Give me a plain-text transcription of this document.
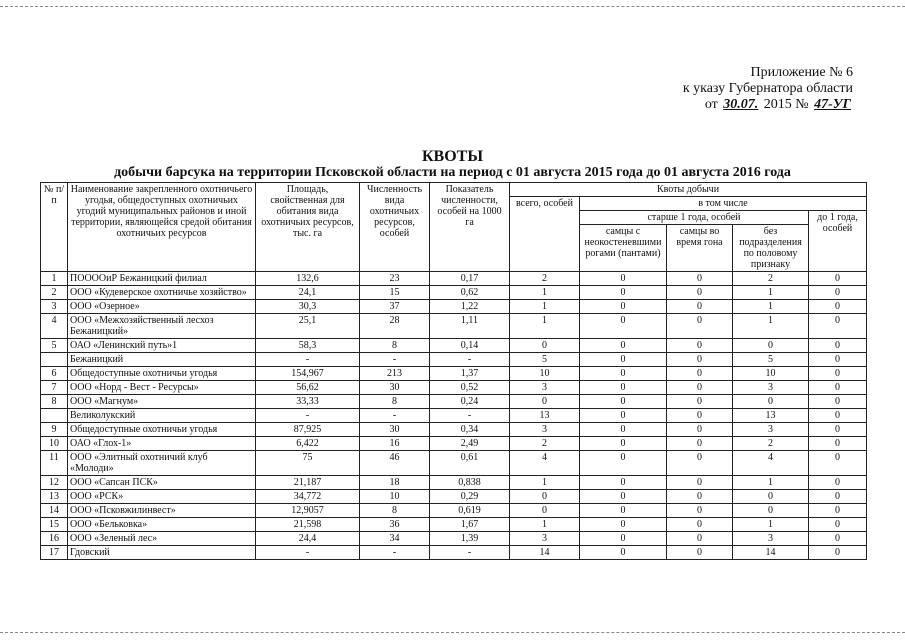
Приложение № 6
к указу Губернатора области
от 30.07. 2015 № 47-УГ
КВОТЫ
добычи барсука на территории Псковской области на период с 01 августа 2015 года до 01 августа 2016 года
№ п/п	Наименование закрепленного охотничьего угодья, общедоступных охотничьих угодий муниципальных районов и иной территории, являющейся средой обитания охотничьих ресурсов	Площадь, свойственная для обитания вида охотничьих ресурсов, тыс. га	Численность вида охотничьих ресурсов, особей	Показатель численности, особей на 1000 га	Квоты добычи				
					всего, особей	в том числе			
						старше 1 года, особей			до 1 года, особей
						самцы с неокостеневшими рогами (пантами)	самцы во время гона	без подразделения по половому признаку	
1	ПОООOиР Бежаницкий филиал	132,6	23	0,17	2	0	0	2	0
2	ООО «Кудеверское охотничье хозяйство»	24,1	15	0,62	1	0	0	1	0
3	ООО «Озерное»	30,3	37	1,22	1	0	0	1	0
4	ООО «Межхозяйственный лесхоз Бежаницкий»	25,1	28	1,11	1	0	0	1	0
5	ОАО «Ленинский путь»1	58,3	8	0,14	0	0	0	0	0
	Бежаницкий	-	-	-	5	0	0	5	0
6	Общедоступные охотничьи угодья	154,967	213	1,37	10	0	0	10	0
7	ООО «Норд - Вест - Ресурсы»	56,62	30	0,52	3	0	0	3	0
8	ООО «Магнум»	33,33	8	0,24	0	0	0	0	0
	Великолукский	-	-	-	13	0	0	13	0
9	Общедоступные охотничьи угодья	87,925	30	0,34	3	0	0	3	0
10	ОАО «Глох-1»	6,422	16	2,49	2	0	0	2	0
11	ООО «Элитный охотничий клуб «Молоди»	75	46	0,61	4	0	0	4	0
12	ООО «Сапсан ПСК»	21,187	18	0,838	1	0	0	1	0
13	ООО «РСК»	34,772	10	0,29	0	0	0	0	0
14	ООО «Псковжилинвест»	12,9057	8	0,619	0	0	0	0	0
15	ООО «Бельковка»	21,598	36	1,67	1	0	0	1	0
16	ООО «Зеленый лес»	24,4	34	1,39	3	0	0	3	0
17	Гдовский	-	-	-	14	0	0	14	0
